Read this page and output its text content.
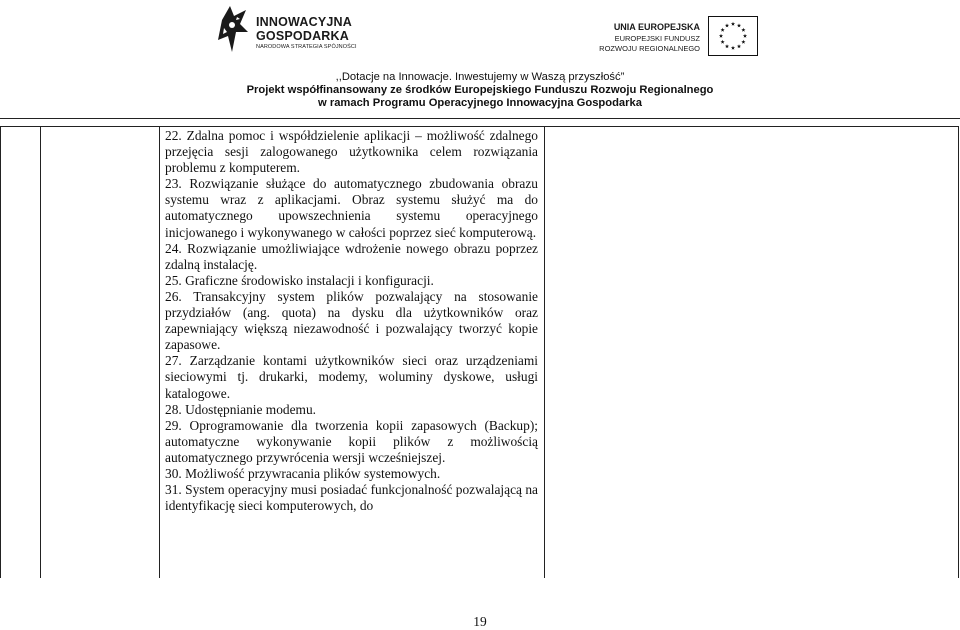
INNOWACYJNA
GOSPODARKA
NARODOWA STRATEGIA SPÓJNOŚCI
UNIA EUROPEJSKA
EUROPEJSKI FUNDUSZ
ROZWOJU REGIONALNEGO
,,Dotacje na Innowacje. Inwestujemy w Waszą przyszłość”
Projekt współfinansowany ze środków Europejskiego Funduszu Rozwoju Regionalnego
w ramach Programu Operacyjnego Innowacyjna Gospodarka

22. Zdalna pomoc i współdzielenie aplikacji – możliwość zdalnego przejęcia sesji zalogowanego użytkownika celem rozwiązania problemu z komputerem.

23. Rozwiązanie służące do automatycznego zbudowania obrazu systemu wraz z aplikacjami. Obraz systemu służyć ma do automatycznego upowszechnienia systemu operacyjnego inicjowanego i wykonywanego w całości poprzez sieć komputerową.

24. Rozwiązanie umożliwiające wdrożenie nowego obrazu poprzez zdalną instalację.

25. Graficzne środowisko instalacji i konfiguracji.

26. Transakcyjny system plików pozwalający na stosowanie przydziałów (ang. quota) na dysku dla użytkowników oraz zapewniający większą niezawodność i pozwalający tworzyć kopie zapasowe.

27. Zarządzanie kontami użytkowników sieci oraz urządzeniami sieciowymi tj. drukarki, modemy, woluminy dyskowe, usługi katalogowe.

28. Udostępnianie modemu.

29. Oprogramowanie dla tworzenia kopii zapasowych (Backup); automatyczne wykonywanie kopii plików z możliwością automatycznego przywrócenia wersji wcześniejszej.

30. Możliwość przywracania plików systemowych.

31. System operacyjny musi posiadać funkcjonalność pozwalającą na identyfikację sieci komputerowych, do

19
